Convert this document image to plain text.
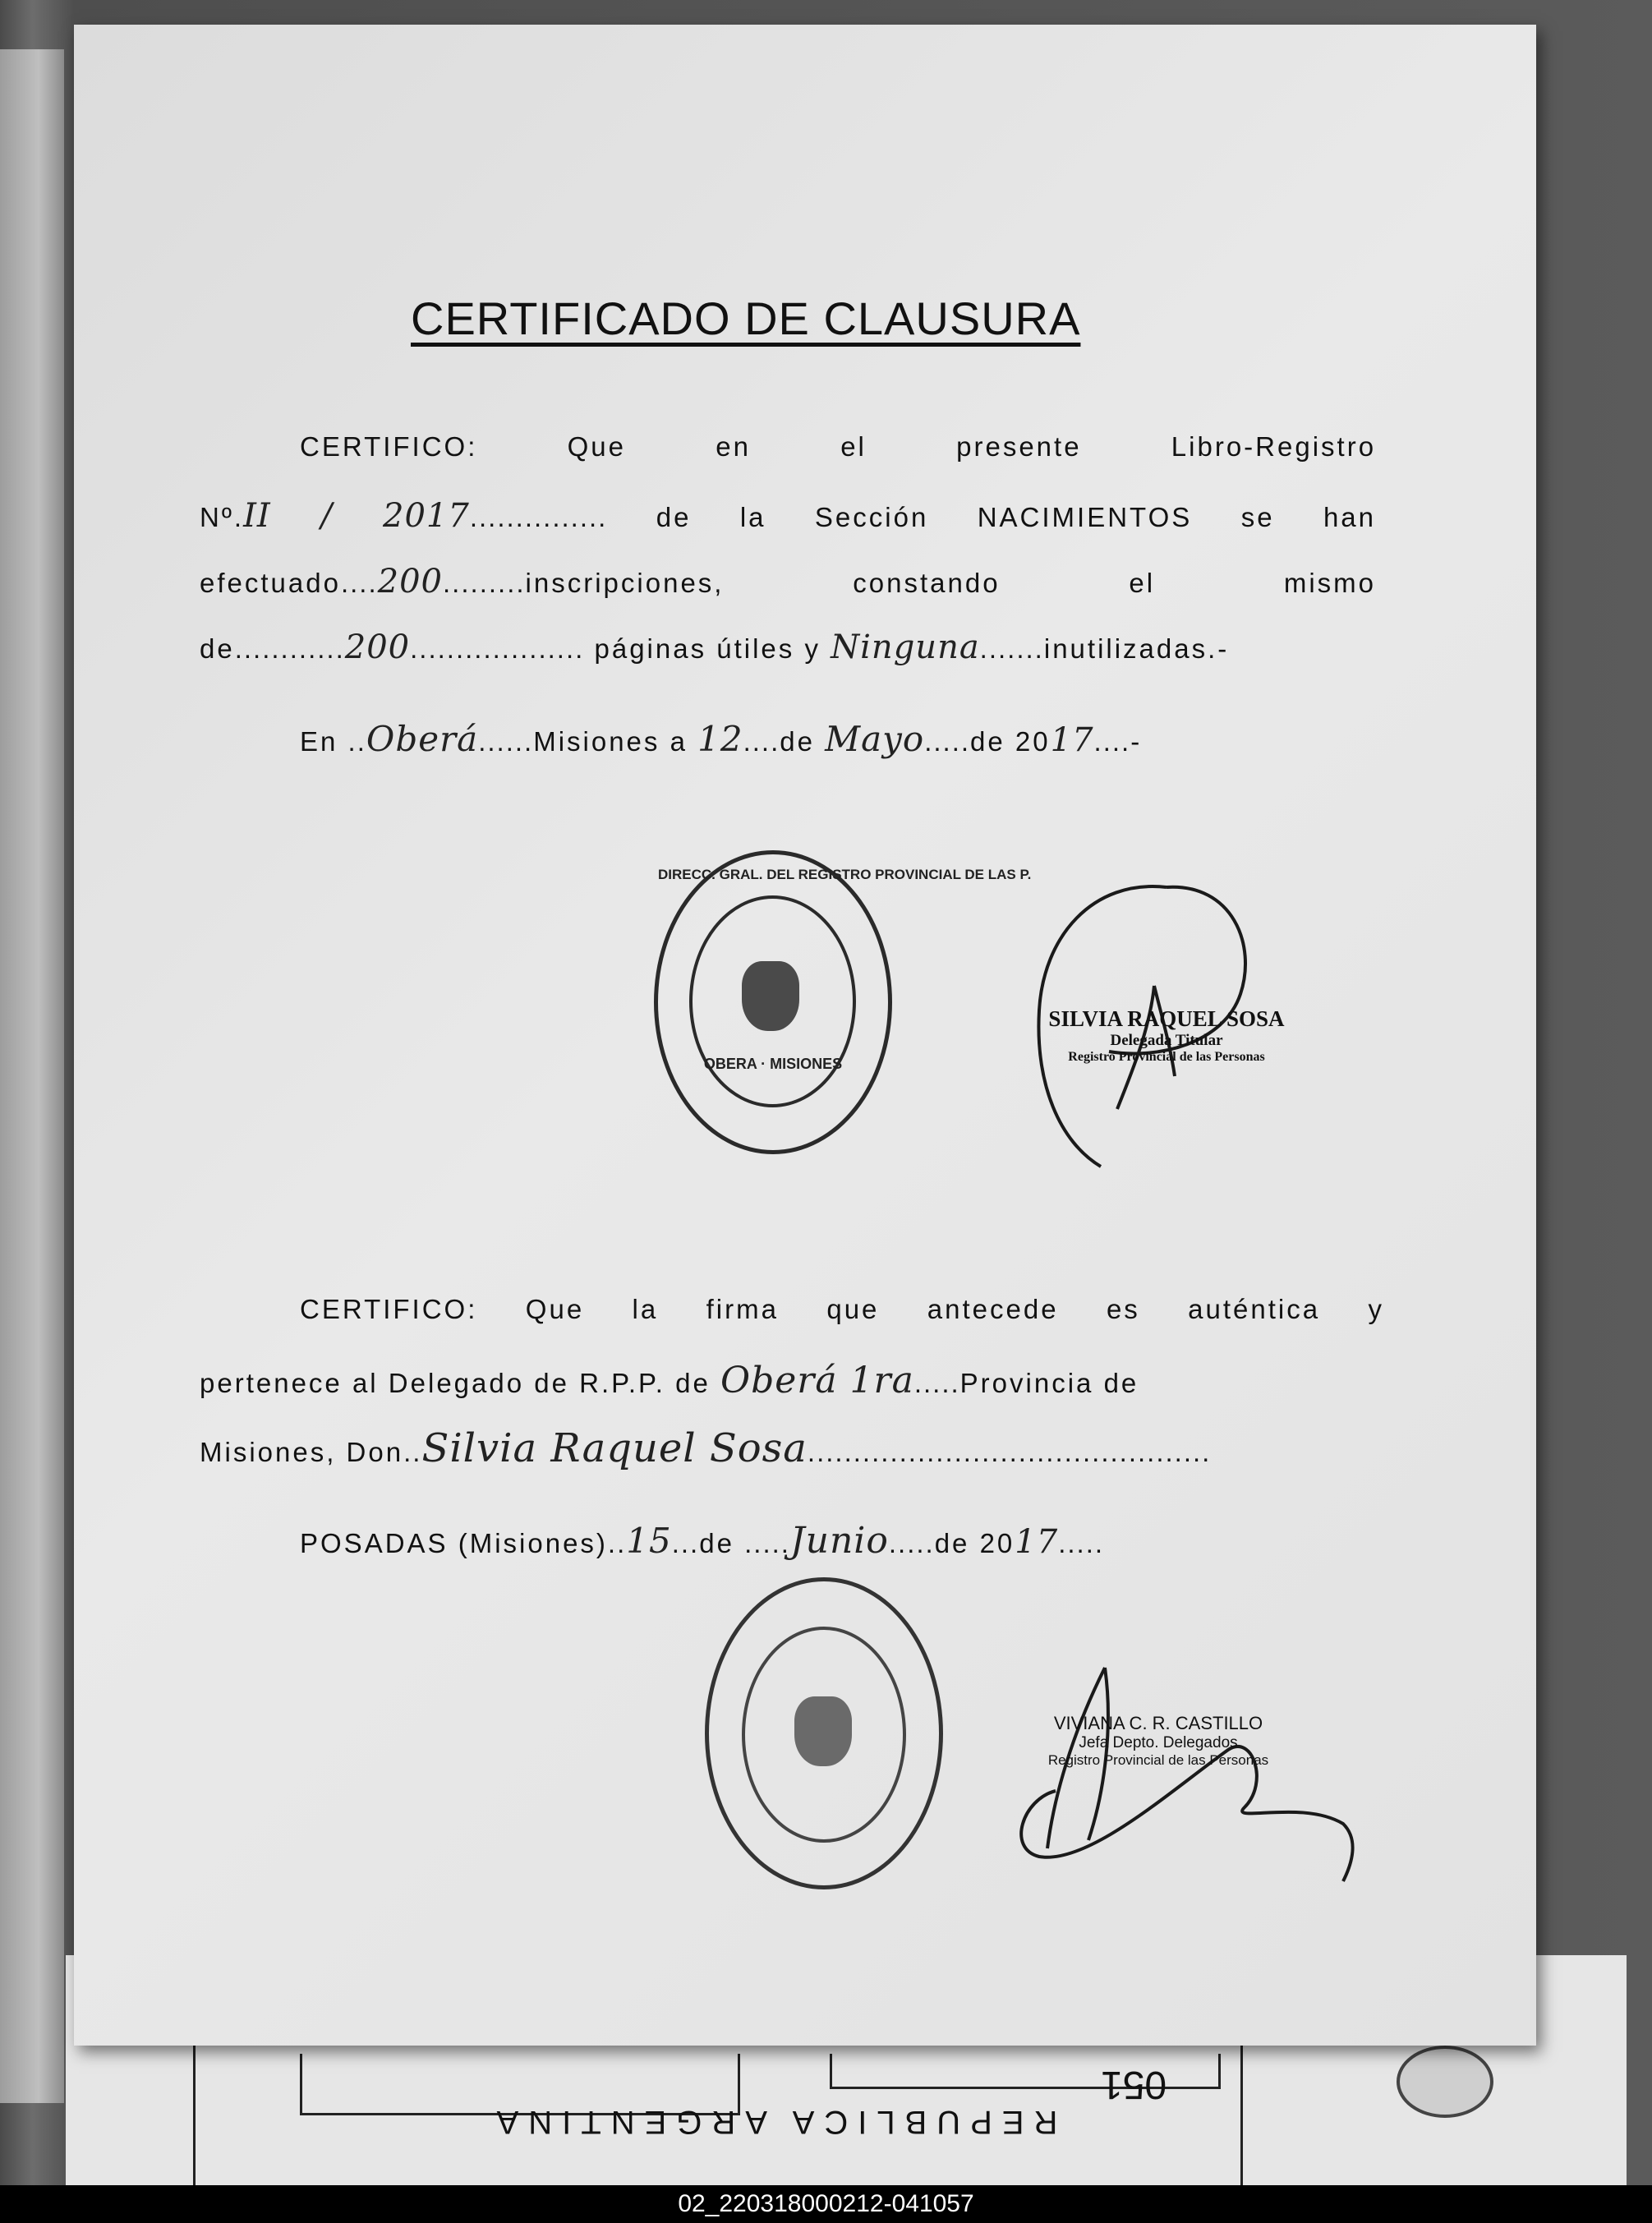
051
REPUBLICA ARGENTINA
CERTIFICADO DE CLAUSURA
CERTIFICO:	Que	en	el	presente	Libro-Registro
Nº.II / 2017............... de la Sección NACIMIENTOS se han
efectuado....200.........inscripciones,	constando	el	mismo
de............200................... páginas útiles y Ninguna.......inutilizadas.-
En ..Oberá......Misiones a 12....de Mayo.....de 2017....-
DIRECC. GRAL. DEL REGISTRO PROVINCIAL DE LAS P.
OBERA · MISIONES
SILVIA RAQUEL SOSA
Delegada Titular
Registro Provincial de las Personas
CERTIFICO: Que la firma que antecede es auténtica y
pertenece al Delegado de R.P.P. de Oberá 1ra.....Provincia de
Misiones, Don..Silvia Raquel Sosa............................................
POSADAS (Misiones)..15...de .....Junio.....de 2017.....
VIVIANA C. R. CASTILLO
Jefa Depto. Delegados
Registro Provincial de las Personas
02_220318000212-041057
